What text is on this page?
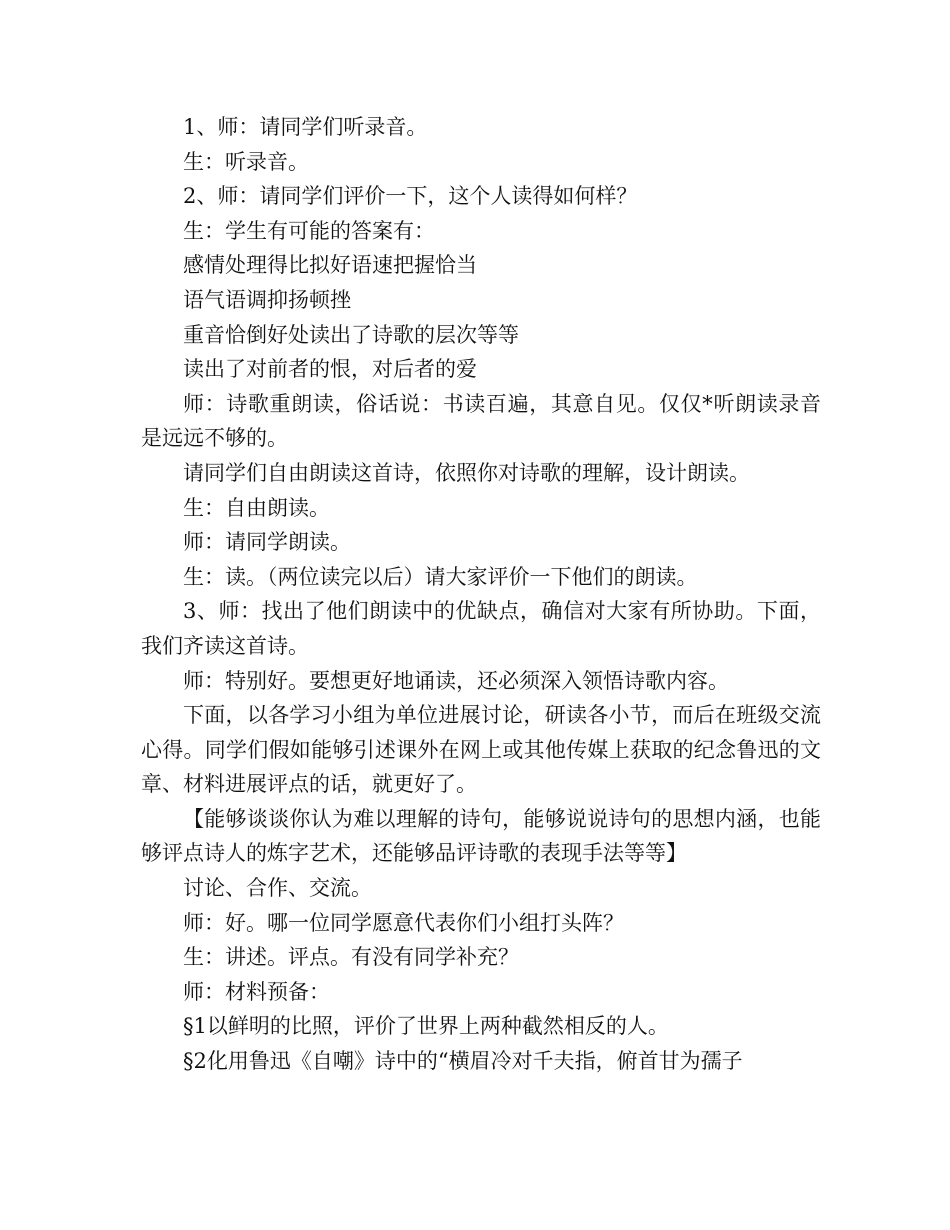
1、师：请同学们听录音。

生：听录音。

2、师：请同学们评价一下，这个人读得如何样？

生：学生有可能的答案有：

感情处理得比拟好语速把握恰当

语气语调抑扬顿挫

重音恰倒好处读出了诗歌的层次等等

读出了对前者的恨，对后者的爱

师：诗歌重朗读，俗话说：书读百遍，其意自见。仅仅*听朗读录音是远远不够的。

请同学们自由朗读这首诗，依照你对诗歌的理解，设计朗读。

生：自由朗读。

师：请同学朗读。

生：读。（两位读完以后）请大家评价一下他们的朗读。

3、师：找出了他们朗读中的优缺点，确信对大家有所协助。下面，我们齐读这首诗。

师：特别好。要想更好地诵读，还必须深入领悟诗歌内容。

下面，以各学习小组为单位进展讨论，研读各小节，而后在班级交流心得。同学们假如能够引述课外在网上或其他传媒上获取的纪念鲁迅的文章、材料进展评点的话，就更好了。

【能够谈谈你认为难以理解的诗句，能够说说诗句的思想内涵，也能够评点诗人的炼字艺术，还能够品评诗歌的表现手法等等】

讨论、合作、交流。

师：好。哪一位同学愿意代表你们小组打头阵？

生：讲述。评点。有没有同学补充？

师：材料预备：

§1以鲜明的比照，评价了世界上两种截然相反的人。

§2化用鲁迅《自嘲》诗中的“横眉冷对千夫指，俯首甘为孺子
